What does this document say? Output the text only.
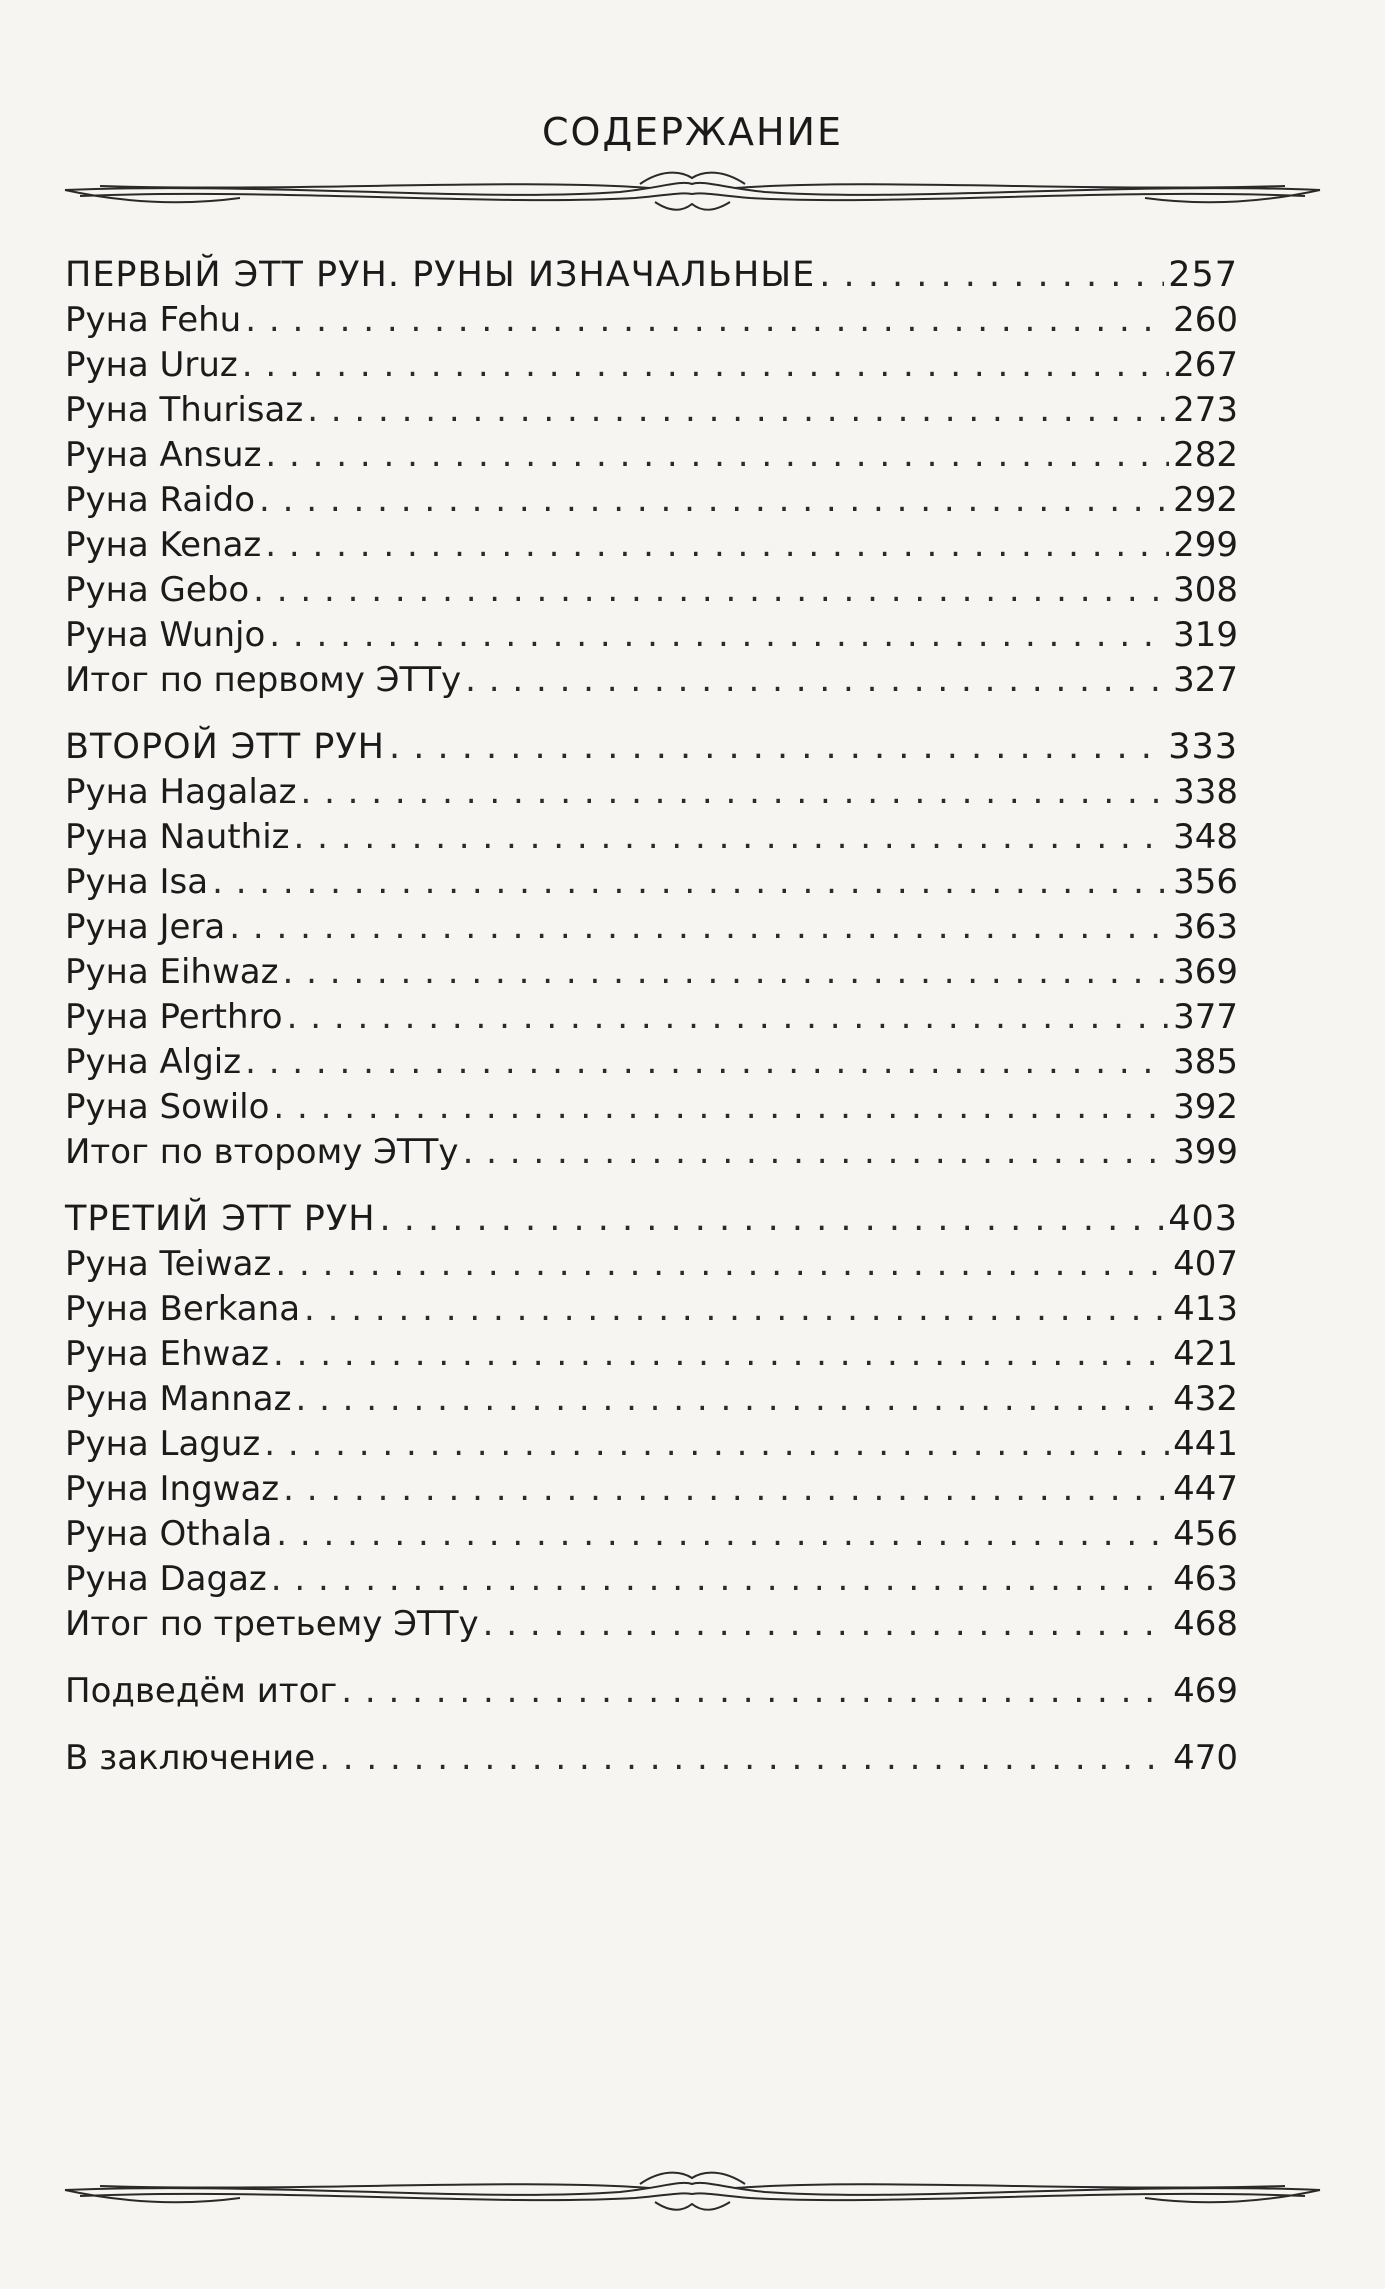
СОДЕРЖАНИЕ
ПЕРВЫЙ ЭТТ РУН. РУНЫ ИЗНАЧАЛЬНЫЕ . . .	257
Руна Fehu . . .	260
Руна Uruz . . .	267
Руна Thurisaz . . .	273
Руна Ansuz . . .	282
Руна Raido . . .	292
Руна Kenaz . . .	299
Руна Gebo . . .	308
Руна Wunjo . . .	319
Итог по первому ЭТТу . . .	327
ВТОРОЙ ЭТТ РУН . . .	333
Руна Hagalaz . . .	338
Руна Nauthiz . . .	348
Руна Isa . . .	356
Руна Jera . . .	363
Руна Eihwaz . . .	369
Руна Perthro . . .	377
Руна Algiz . . .	385
Руна Sowilo . . .	392
Итог по второму ЭТТу . . .	399
ТРЕТИЙ ЭТТ РУН . . .	403
Руна Teiwaz . . .	407
Руна Berkana . . .	413
Руна Ehwaz . . .	421
Руна Mannaz . . .	432
Руна Laguz . . .	441
Руна Ingwaz . . .	447
Руна Othala . . .	456
Руна Dagaz . . .	463
Итог по третьему ЭТТу . . .	468
Подведём итог . . .	469
В заключение . . .	470
